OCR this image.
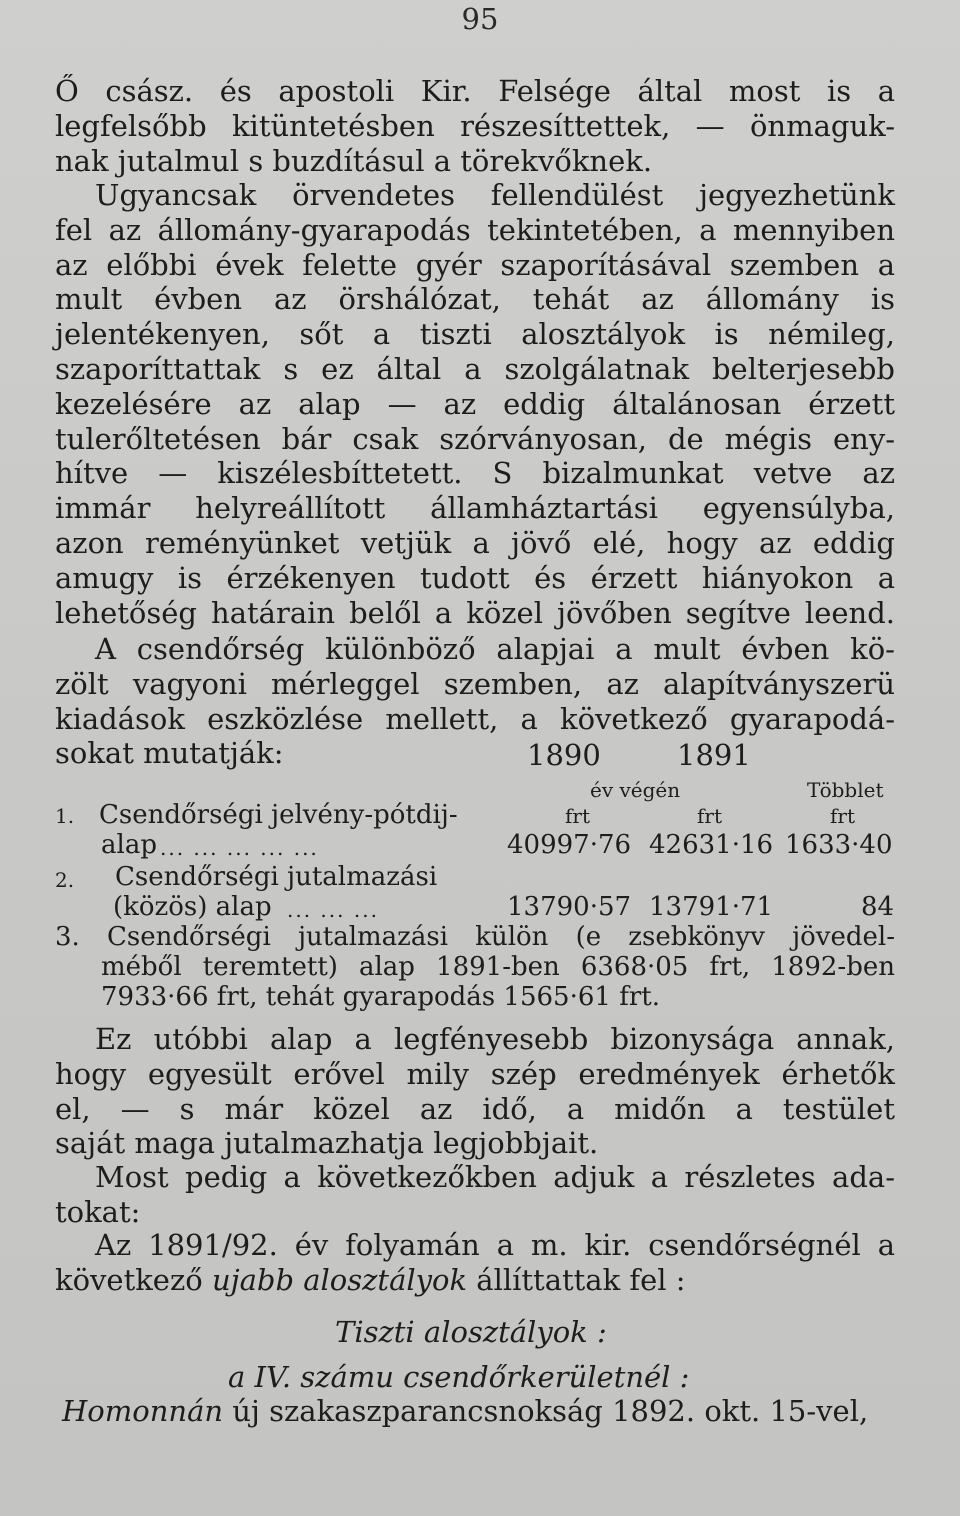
95
Ő csász. és apostoli Kir. Felsége által most is a
legfelsőbb kitüntetésben részesíttettek, — önmaguk-
nak jutalmul s buzdításul a törekvőknek.
Ugyancsak örvendetes fellendülést jegyezhetünk
fel az állomány-gyarapodás tekintetében, a mennyiben
az előbbi évek felette gyér szaporításával szemben a
mult évben az örshálózat, tehát az állomány is
jelentékenyen, sőt a tiszti alosztályok is némileg,
szaporíttattak s ez által a szolgálatnak belterjesebb
kezelésére az alap — az eddig általánosan érzett
tulerőltetésen bár csak szórványosan, de mégis eny-
hítve — kiszélesbíttetett. S bizalmunkat vetve az
immár helyreállított államháztartási egyensúlyba,
azon reményünket vetjük a jövő elé, hogy az eddig
amugy is érzékenyen tudott és érzett hiányokon a
lehetőség határain belől a közel jövőben segítve leend.
A csendőrség különböző alapjai a mult évben kö-
zölt vagyoni mérleggel szemben, az alapítványszerü
kiadások eszközlése mellett, a következő gyarapodá-
sokat mutatják:	1890	1891
év végén	Többlet
1. Csendőrségi jelvény-pótdij-	frt	frt	frt
alap ... ... ... ... ...	40997·76 42631·16 1633·40
2. Csendőrségi jutalmazási
(közös) alap ... ... ...	13790·57 13791·71	84
3. Csendőrségi jutalmazási külön (e zsebkönyv jövedel-
méből teremtett) alap 1891-ben 6368·05 frt, 1892-ben
7933·66 frt, tehát gyarapodás 1565·61 frt.
Ez utóbbi alap a legfényesebb bizonysága annak,
hogy egyesült erővel mily szép eredmények érhetők
el, — s már közel az idő, a midőn a testület
saját maga jutalmazhatja legjobbjait.
Most pedig a következőkben adjuk a részletes ada-
tokat:
Az 1891/92. év folyamán a m. kir. csendőrségnél a
következő ujabb alosztályok állíttattak fel :
Tiszti alosztályok :
a IV. számu csendőrkerületnél :
Homonnán új szakaszparancsnokság 1892. okt. 15-vel,
